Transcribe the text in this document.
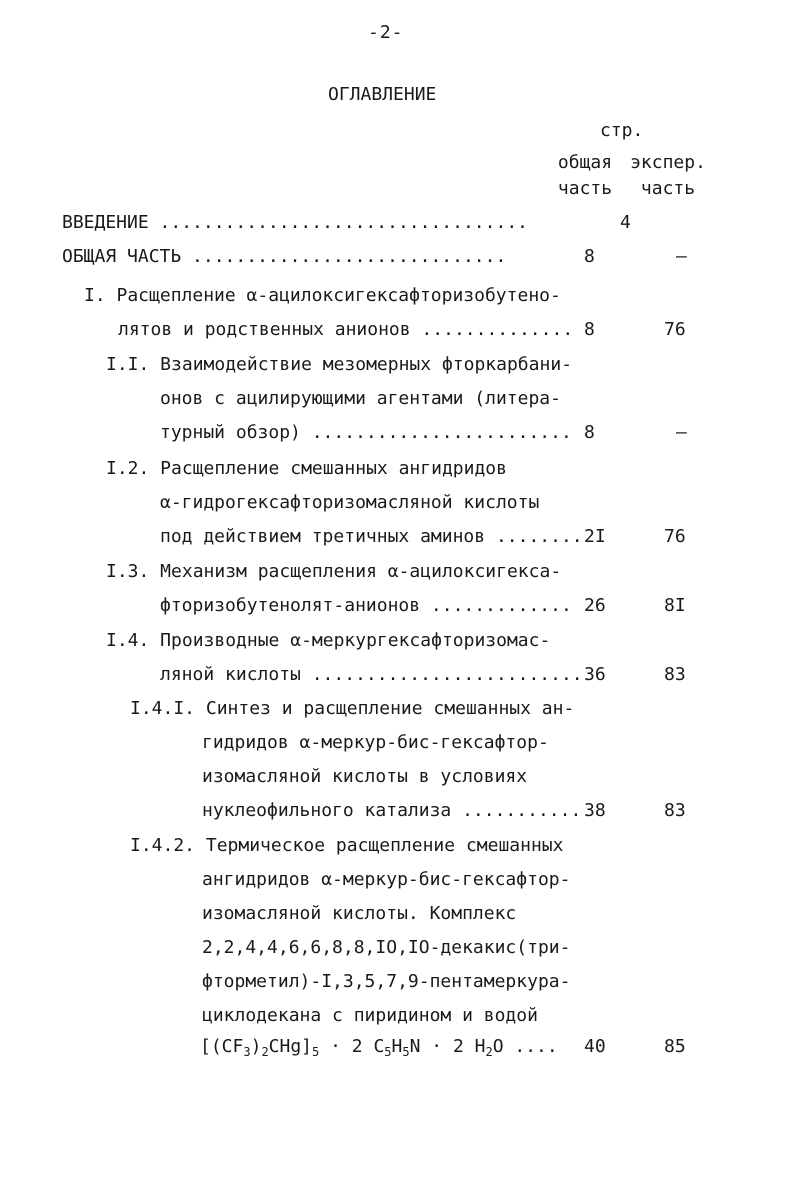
-2-
ОГЛАВЛЕНИЕ
стр.
общая
часть
экспер.
часть
ВВЕДЕНИЕ ..................................	4
ОБЩАЯ ЧАСТЬ .............................	8	–
I. Расщепление α-ацилоксигексафторизобутено-
лятов и родственных анионов .............. 8	76
I.I. Взаимодействие мезомерных фторкарбани-
онов с ацилирующими агентами (литера-
турный обзор) ........................ 8	–
I.2. Расщепление смешанных ангидридов
α-гидрогексафторизомасляной кислоты
под действием третичных аминов ........ 2I	76
I.3. Механизм расщепления α-ацилоксигекса-
фторизобутенолят-анионов ............. 26	8I
I.4. Производные α-меркургексафторизомас-
ляной кислоты ......................... 36	83
I.4.I. Синтез и расщепление смешанных ан-
гидридов α-меркур-бис-гексафтор-
изомасляной кислоты в условиях
нуклеофильного катализа ........... 38	83
I.4.2. Термическое расщепление смешанных
ангидридов α-меркур-бис-гексафтор-
изомасляной кислоты. Комплекс
2,2,4,4,6,6,8,8,IO,IO-декакис(три-
фторметил)-I,3,5,7,9-пентамеркура-
циклодекана с пиридином и водой
$[(CF_3)_2CHg]_5 \cdot 2$ $C_5H_5N \cdot 2$ $H_2O$ .... 40	85
